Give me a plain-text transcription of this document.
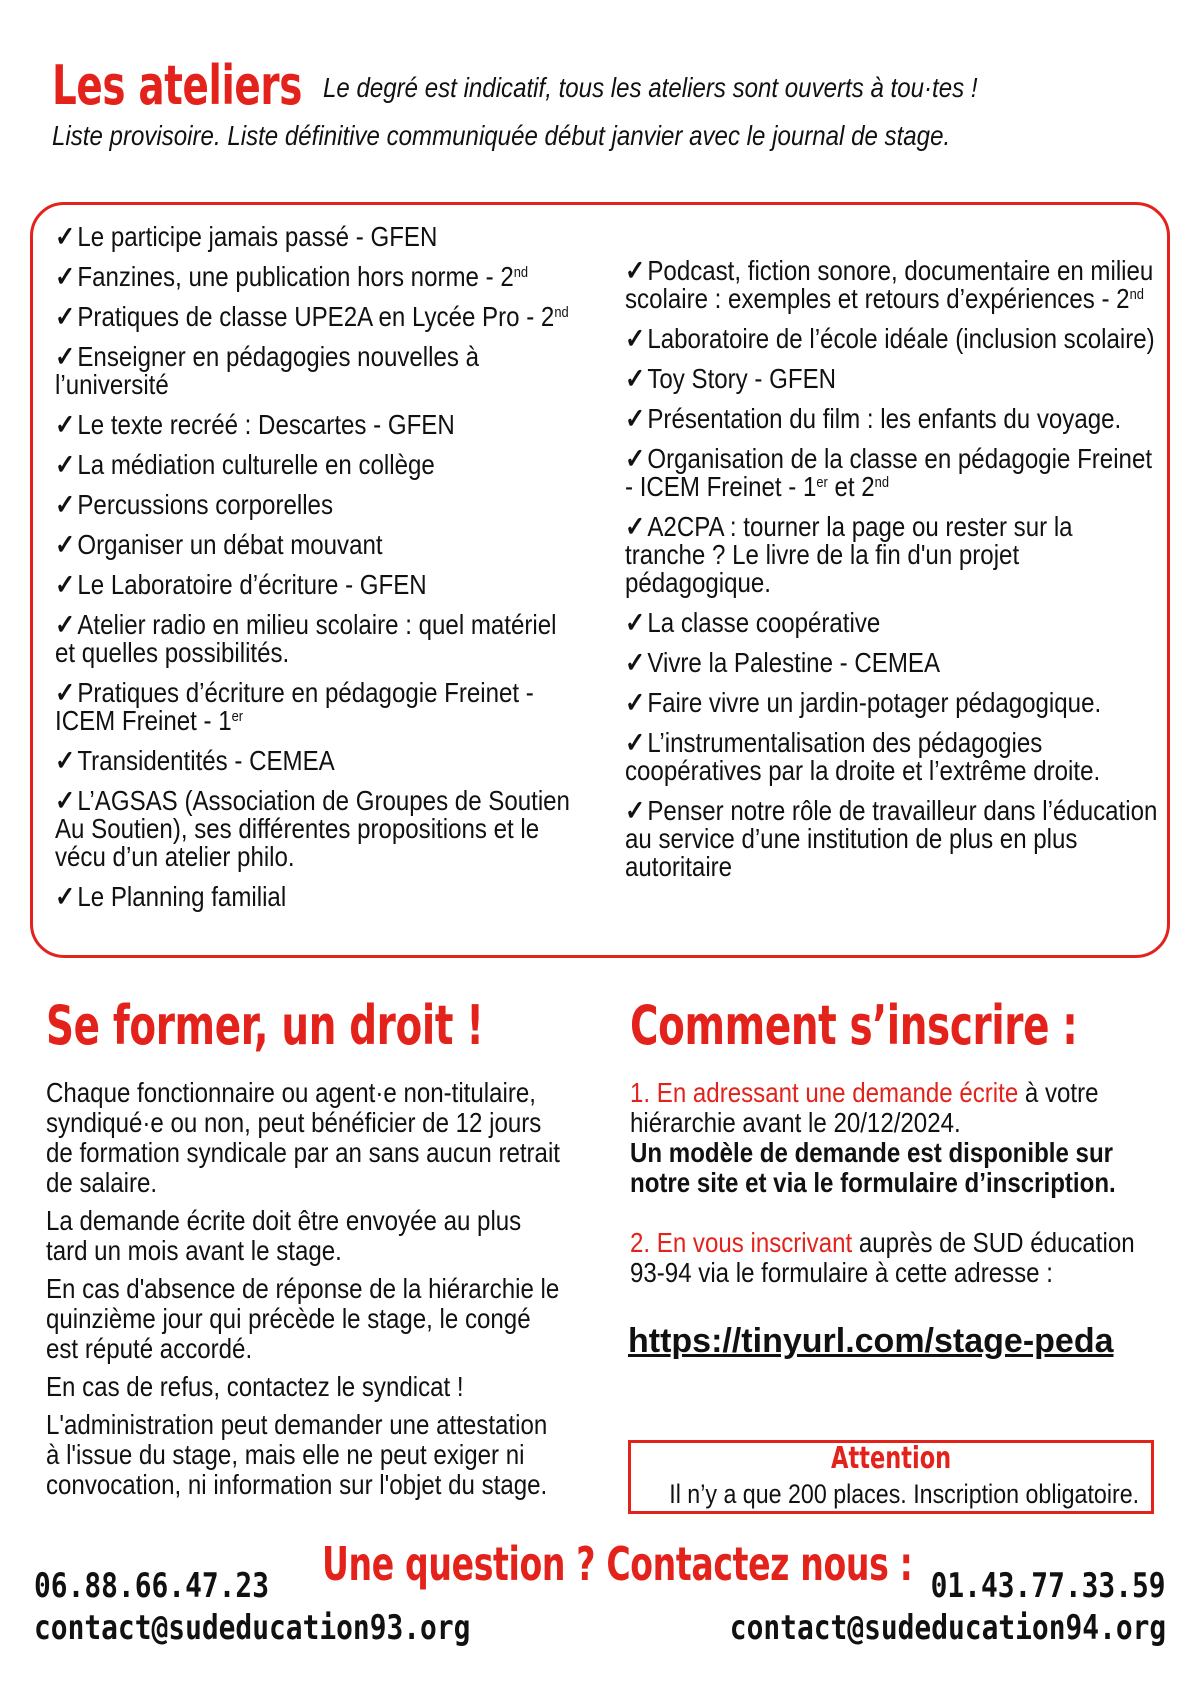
Les ateliers Le degré est indicatif, tous les ateliers sont ouverts à tou·tes !
Liste provisoire. Liste définitive communiquée début janvier avec le journal de stage.
✓Le participe jamais passé - GFEN
✓Fanzines, une publication hors norme - 2nd
✓Pratiques de classe UPE2A en Lycée Pro - 2nd
✓Enseigner en pédagogies nouvelles à l’université
✓Le texte recréé : Descartes - GFEN
✓La médiation culturelle en collège
✓Percussions corporelles
✓Organiser un débat mouvant
✓Le Laboratoire d’écriture - GFEN
✓Atelier radio en milieu scolaire : quel matériel et quelles possibilités.
✓Pratiques d’écriture en pédagogie Freinet - ICEM Freinet - 1er
✓Transidentités - CEMEA
✓L’AGSAS (Association de Groupes de Soutien Au Soutien), ses différentes propositions et le vécu d’un atelier philo.
✓Le Planning familial
✓Podcast, fiction sonore, documentaire en milieu scolaire : exemples et retours d’expériences - 2nd
✓Laboratoire de l’école idéale (inclusion scolaire)
✓Toy Story - GFEN
✓Présentation du film : les enfants du voyage.
✓Organisation de la classe en pédagogie Freinet - ICEM Freinet - 1er et 2nd
✓A2CPA : tourner la page ou rester sur la tranche ? Le livre de la fin d'un projet pédagogique.
✓La classe coopérative
✓Vivre la Palestine - CEMEA
✓Faire vivre un jardin-potager pédagogique.
✓L’instrumentalisation des pédagogies coopératives par la droite et l’extrême droite.
✓Penser notre rôle de travailleur dans l’éducation au service d’une institution de plus en plus autoritaire
Se former, un droit !

Chaque fonctionnaire ou agent·e non-titulaire, syndiqué·e ou non, peut bénéficier de 12 jours de formation syndicale par an sans aucun retrait de salaire.

La demande écrite doit être envoyée au plus tard un mois avant le stage.

En cas d'absence de réponse de la hiérarchie le quinzième jour qui précède le stage, le congé est réputé accordé.

En cas de refus, contactez le syndicat !

L'administration peut demander une attestation à l'issue du stage, mais elle ne peut exiger ni convocation, ni information sur l'objet du stage.

Comment s’inscrire :

1. En adressant une demande écrite à votre hiérarchie avant le 20/12/2024.
Un modèle de demande est disponible sur notre site et via le formulaire d’inscription.

2. En vous inscrivant auprès de SUD éducation 93-94 via le formulaire à cette adresse :

https://tinyurl.com/stage-peda
Attention
Il n’y a que 200 places. Inscription obligatoire.
Une question ? Contactez nous :
06.88.66.47.23
contact@sudeducation93.org
01.43.77.33.59
contact@sudeducation94.org
